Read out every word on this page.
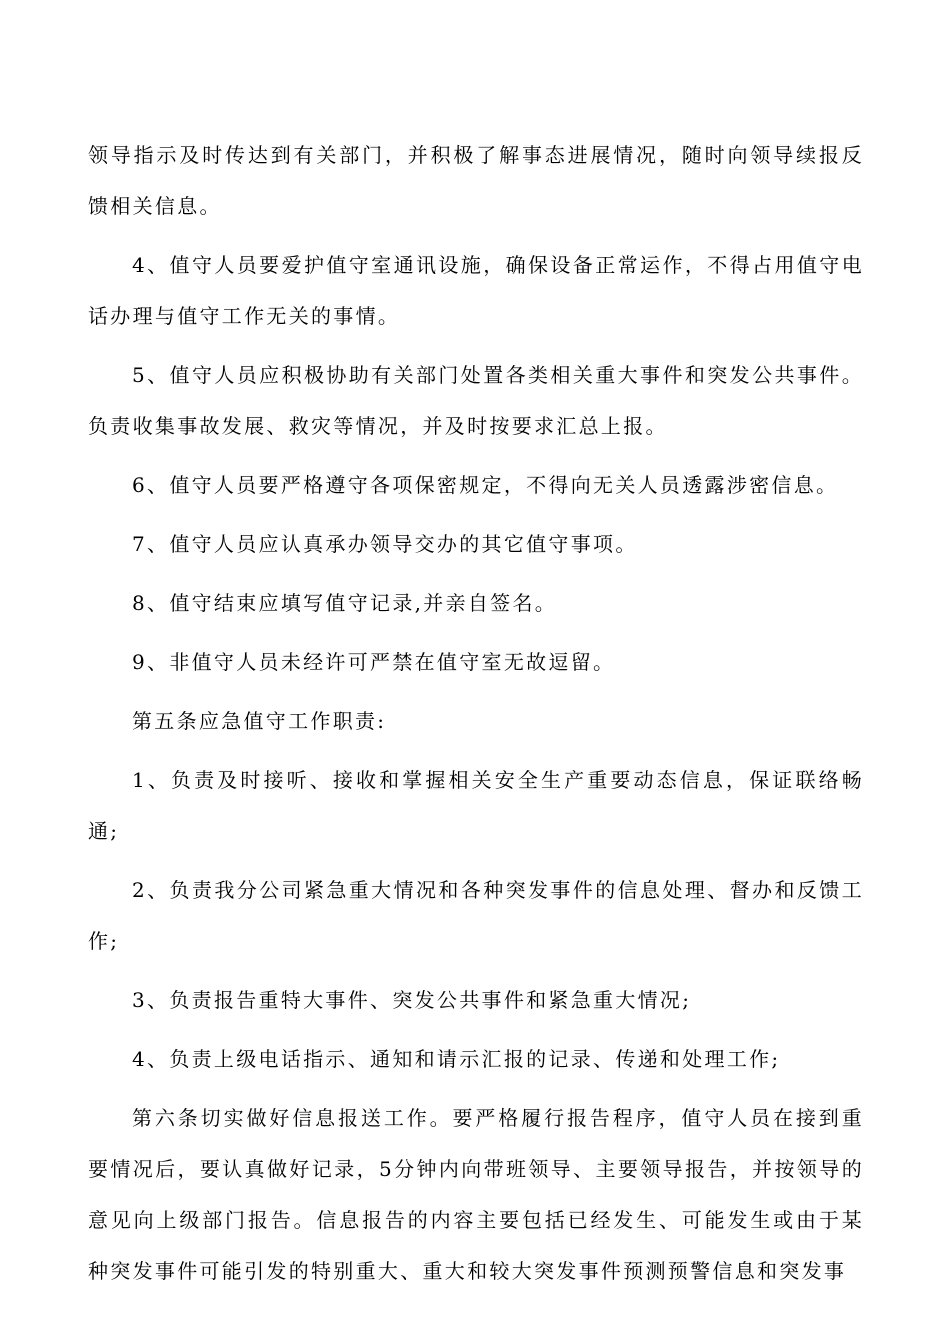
领导指示及时传达到有关部门，并积极了解事态进展情况，随时向领导续报反馈相关信息。

4、值守人员要爱护值守室通讯设施，确保设备正常运作，不得占用值守电话办理与值守工作无关的事情。

5、值守人员应积极协助有关部门处置各类相关重大事件和突发公共事件。负责收集事故发展、救灾等情况，并及时按要求汇总上报。

6、值守人员要严格遵守各项保密规定，不得向无关人员透露涉密信息。

7、值守人员应认真承办领导交办的其它值守事项。

8、值守结束应填写值守记录,并亲自签名。

9、非值守人员未经许可严禁在值守室无故逗留。

第五条应急值守工作职责:

1、负责及时接听、接收和掌握相关安全生产重要动态信息，保证联络畅通;

2、负责我分公司紧急重大情况和各种突发事件的信息处理、督办和反馈工作;

3、负责报告重特大事件、突发公共事件和紧急重大情况;

4、负责上级电话指示、通知和请示汇报的记录、传递和处理工作;

第六条切实做好信息报送工作。要严格履行报告程序，值守人员在接到重要情况后，要认真做好记录，5分钟内向带班领导、主要领导报告，并按领导的意见向上级部门报告。信息报告的内容主要包括已经发生、可能发生或由于某种突发事件可能引发的特别重大、重大和较大突发事件预测预警信息和突发事
